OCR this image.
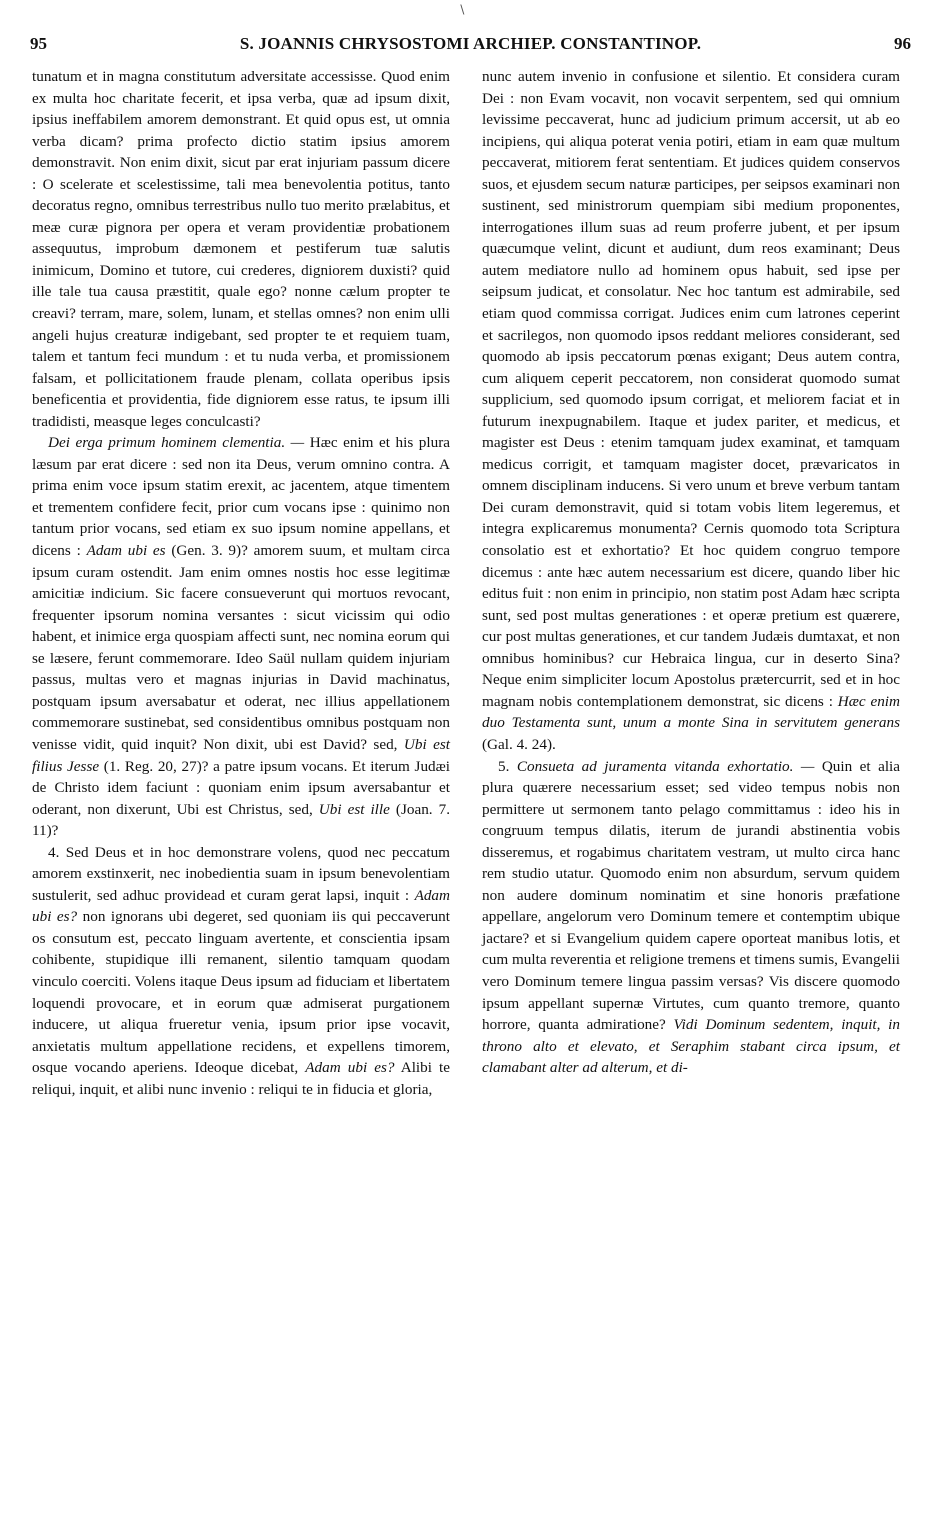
∖
S. JOANNIS CHRYSOSTOMI ARCHIEP. CONSTANTINOP.
95	96

tunatum et in magna constitutum adversitate accessisse. Quod enim ex multa hoc charitate fecerit, et ipsa verba, quæ ad ipsum dixit, ipsius ineffabilem amorem demonstrant. Et quid opus est, ut omnia verba dicam? prima profecto dictio statim ipsius amorem demonstravit. Non enim dixit, sicut par erat injuriam passum dicere : O scelerate et scelestissime, tali mea benevolentia potitus, tanto decoratus regno, omnibus terrestribus nullo tuo merito prælabitus, et meæ curæ pignora per opera et veram providentiæ probationem assequutus, improbum dæmonem et pestiferum tuæ salutis inimicum, Domino et tutore, cui crederes, digniorem duxisti? quid ille tale tua causa præstitit, quale ego? nonne cælum propter te creavi? terram, mare, solem, lunam, et stellas omnes? non enim ulli angeli hujus creaturæ indigebant, sed propter te et requiem tuam, talem et tantum feci mundum : et tu nuda verba, et promissionem falsam, et pollicitationem fraude plenam, collata operibus ipsis beneficentia et providentia, fide digniorem esse ratus, te ipsum illi tradidisti, measque leges conculcasti?

Dei erga primum hominem clementia. — Hæc enim et his plura læsum par erat dicere : sed non ita Deus, verum omnino contra. A prima enim voce ipsum statim erexit, ac jacentem, atque timentem et trementem confidere fecit, prior cum vocans ipse : quinimo non tantum prior vocans, sed etiam ex suo ipsum nomine appellans, et dicens : Adam ubi es (Gen. 3. 9)? amorem suum, et multam circa ipsum curam ostendit. Jam enim omnes nostis hoc esse legitimæ amicitiæ indicium. Sic facere consueverunt qui mortuos revocant, frequenter ipsorum nomina versantes : sicut vicissim qui odio habent, et inimice erga quospiam affecti sunt, nec nomina eorum qui se læsere, ferunt commemorare. Ideo Saül nullam quidem injuriam passus, multas vero et magnas injurias in David machinatus, postquam ipsum aversabatur et oderat, nec illius appellationem commemorare sustinebat, sed considentibus omnibus postquam non venisse vidit, quid inquit? Non dixit, ubi est David? sed, Ubi est filius Jesse (1. Reg. 20, 27)? a patre ipsum vocans. Et iterum Judæi de Christo idem faciunt : quoniam enim ipsum aversabantur et oderant, non dixerunt, Ubi est Christus, sed, Ubi est ille (Joan. 7. 11)?

4. Sed Deus et in hoc demonstrare volens, quod nec peccatum amorem exstinxerit, nec inobedientia suam in ipsum benevolentiam sustulerit, sed adhuc providead et curam gerat lapsi, inquit : Adam ubi es? non ignorans ubi degeret, sed quoniam iis qui peccaverunt os consutum est, peccato linguam avertente, et conscientia ipsam cohibente, stupidique illi remanent, silentio tamquam quodam vinculo coerciti. Volens itaque Deus ipsum ad fiduciam et libertatem loquendi provocare, et in eorum quæ admiserat purgationem inducere, ut aliqua frueretur venia, ipsum prior ipse vocavit, anxietatis multum appellatione recidens, et expellens timorem, osque vocando aperiens. Ideoque dicebat, Adam ubi es? Alibi te reliqui, inquit, et alibi nunc invenio : reliqui te in fiducia et gloria,

nunc autem invenio in confusione et silentio. Et considera curam Dei : non Evam vocavit, non vocavit serpentem, sed qui omnium levissime peccaverat, hunc ad judicium primum accersit, ut ab eo incipiens, qui aliqua poterat venia potiri, etiam in eam quæ multum peccaverat, mitiorem ferat sententiam. Et judices quidem conservos suos, et ejusdem secum naturæ participes, per seipsos examinari non sustinent, sed ministrorum quempiam sibi medium proponentes, interrogationes illum suas ad reum proferre jubent, et per ipsum quæcumque velint, dicunt et audiunt, dum reos examinant; Deus autem mediatore nullo ad hominem opus habuit, sed ipse per seipsum judicat, et consolatur. Nec hoc tantum est admirabile, sed etiam quod commissa corrigat. Judices enim cum latrones ceperint et sacrilegos, non quomodo ipsos reddant meliores considerant, sed quomodo ab ipsis peccatorum pœnas exigant; Deus autem contra, cum aliquem ceperit peccatorem, non considerat quomodo sumat supplicium, sed quomodo ipsum corrigat, et meliorem faciat et in futurum inexpugnabilem. Itaque et judex pariter, et medicus, et magister est Deus : etenim tamquam judex examinat, et tamquam medicus corrigit, et tamquam magister docet, prævaricatos in omnem disciplinam inducens. Si vero unum et breve verbum tantam Dei curam demonstravit, quid si totam vobis litem legeremus, et integra explicaremus monumenta? Cernis quomodo tota Scriptura consolatio est et exhortatio? Et hoc quidem congruo tempore dicemus : ante hæc autem necessarium est dicere, quando liber hic editus fuit : non enim in principio, non statim post Adam hæc scripta sunt, sed post multas generationes : et operæ pretium est quærere, cur post multas generationes, et cur tandem Judæis dumtaxat, et non omnibus hominibus? cur Hebraica lingua, cur in deserto Sina? Neque enim simpliciter locum Apostolus prætercurrit, sed et in hoc magnam nobis contemplationem demonstrat, sic dicens : Hæc enim duo Testamenta sunt, unum a monte Sina in servitutem generans (Gal. 4. 24).

5. Consueta ad juramenta vitanda exhortatio. — Quin et alia plura quærere necessarium esset; sed video tempus nobis non permittere ut sermonem tanto pelago committamus : ideo his in congruum tempus dilatis, iterum de jurandi abstinentia vobis disseremus, et rogabimus charitatem vestram, ut multo circa hanc rem studio utatur. Quomodo enim non absurdum, servum quidem non audere dominum nominatim et sine honoris præfatione appellare, angelorum vero Dominum temere et contemptim ubique jactare? et si Evangelium quidem capere oporteat manibus lotis, et cum multa reverentia et religione tremens et timens sumis, Evangelii vero Dominum temere lingua passim versas? Vis discere quomodo ipsum appellant supernæ Virtutes, cum quanto tremore, quanto horrore, quanta admiratione? Vidi Dominum sedentem, inquit, in throno alto et elevato, et Seraphim stabant circa ipsum, et clamabant alter ad alterum, et di-
